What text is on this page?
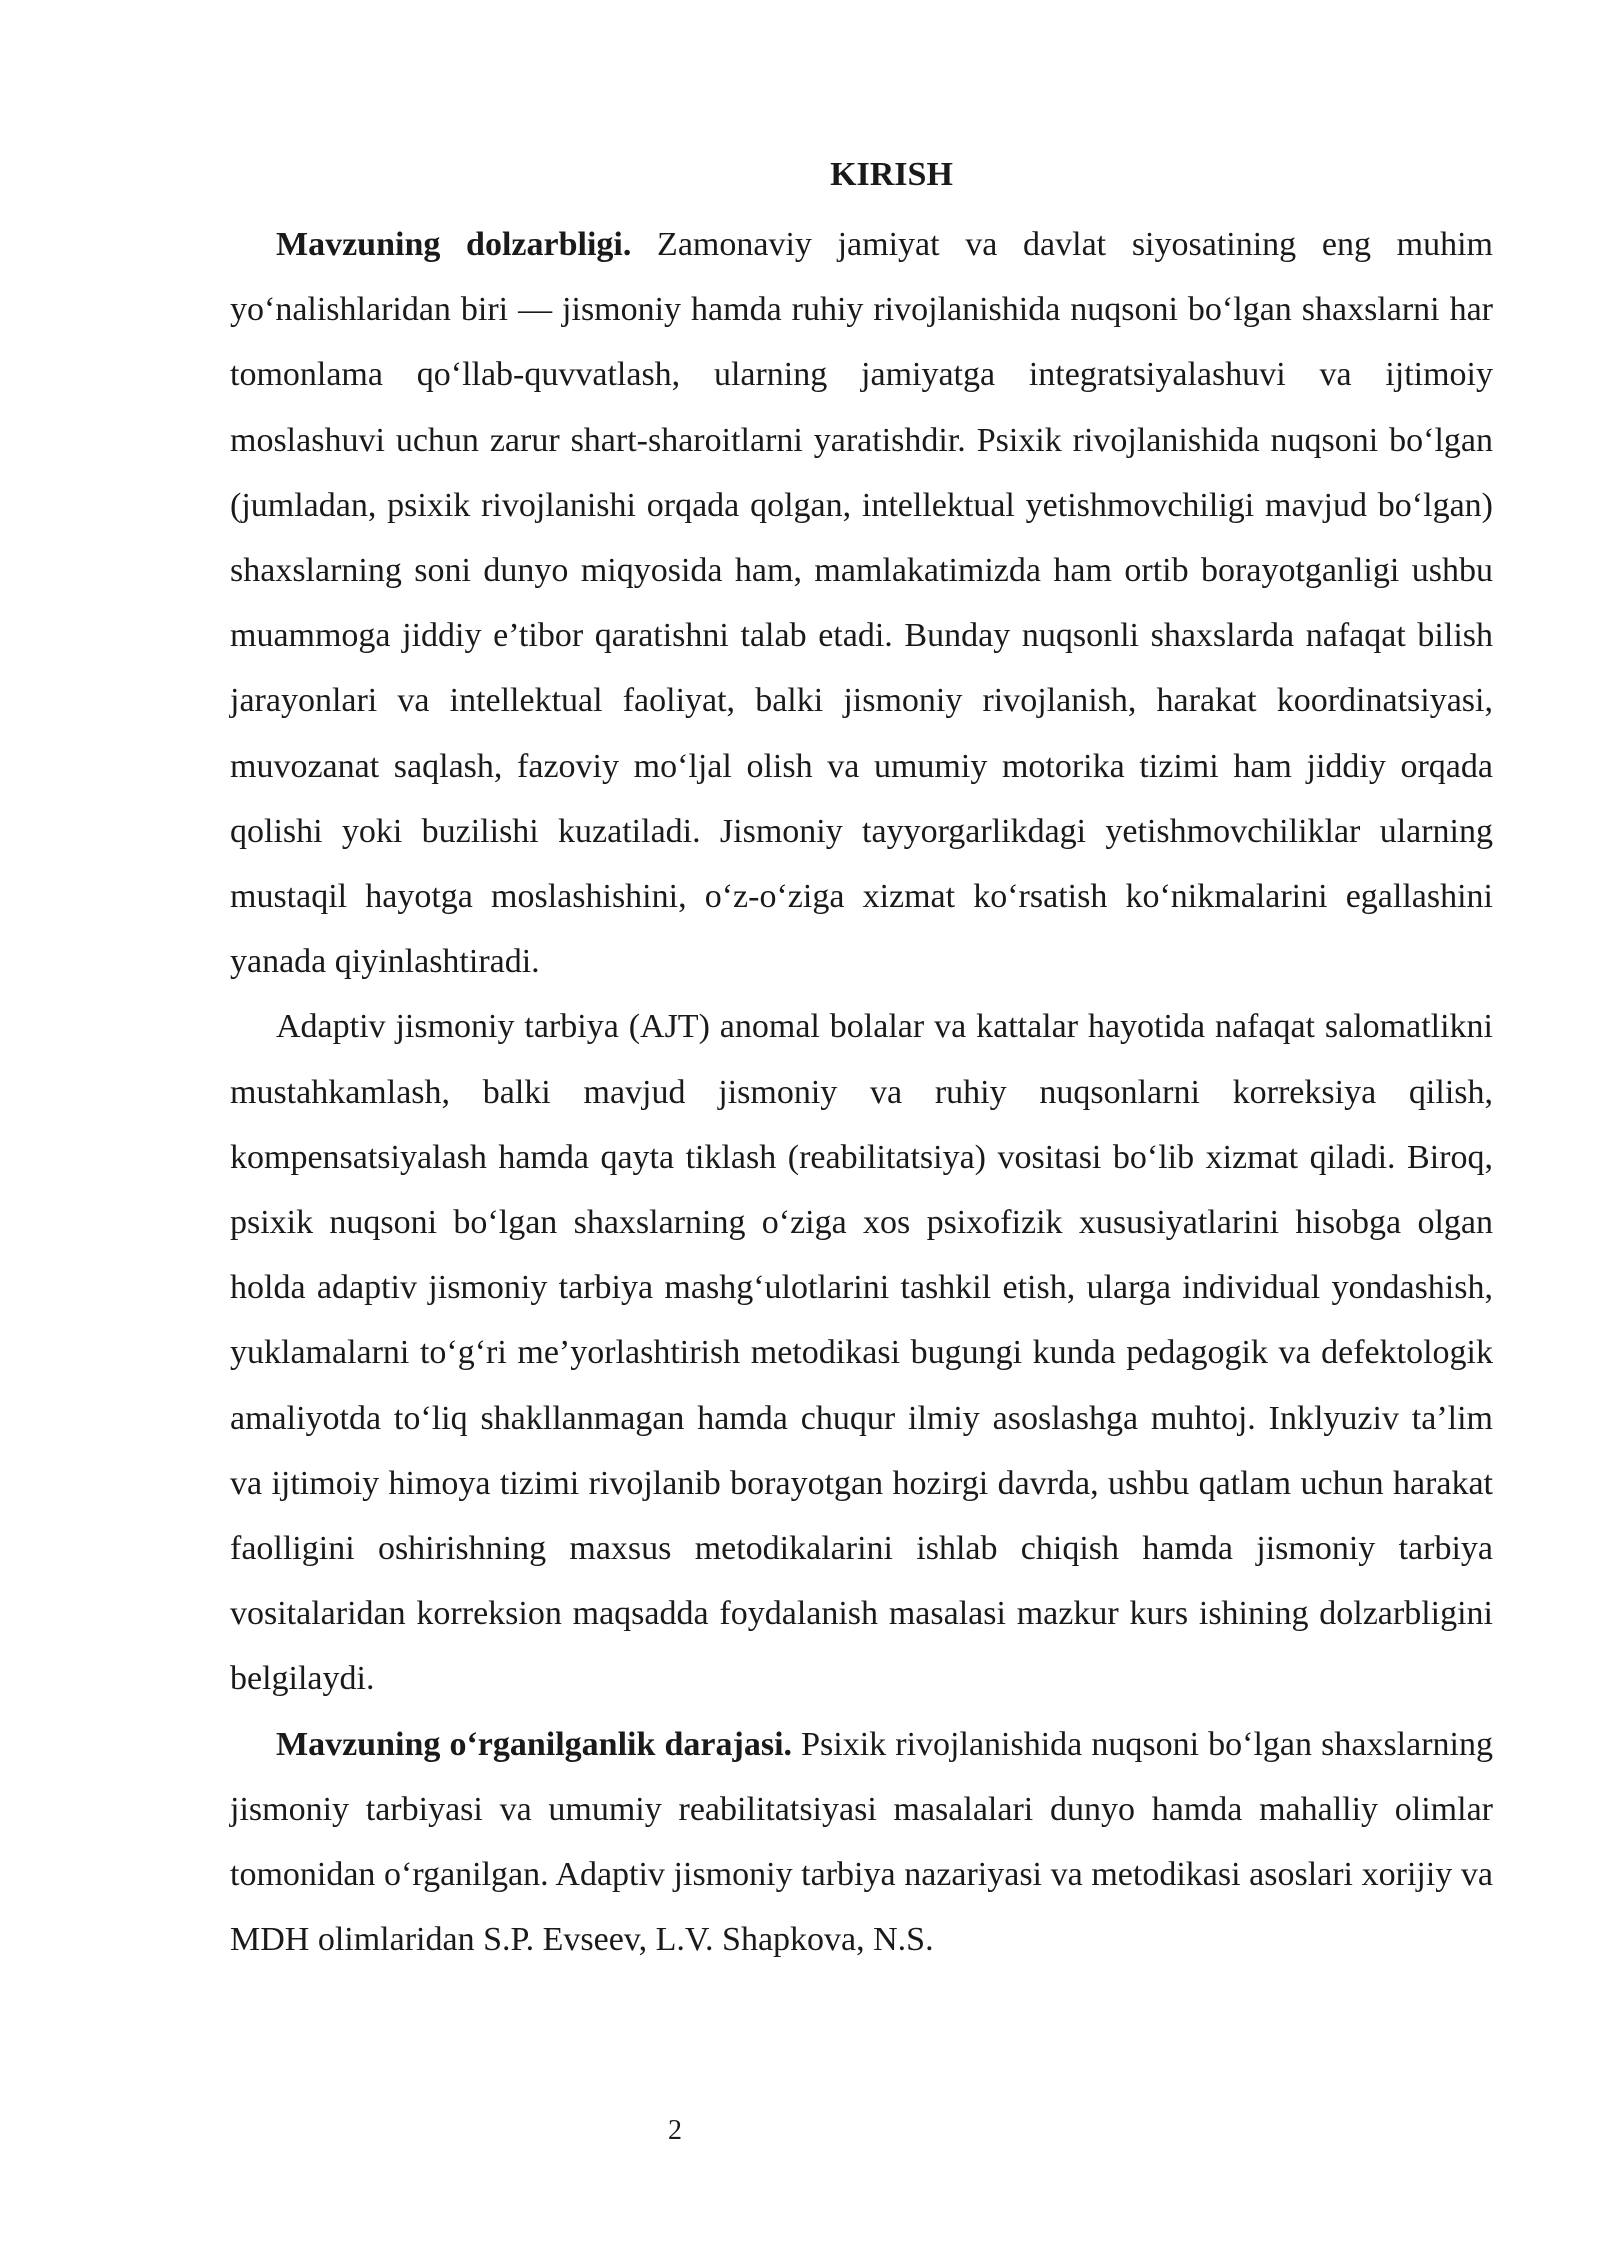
KIRISH

Mavzuning dolzarbligi. Zamonaviy jamiyat va davlat siyosatining eng muhim yo‘nalishlaridan biri — jismoniy hamda ruhiy rivojlanishida nuqsoni bo‘lgan shaxslarni har tomonlama qo‘llab-quvvatlash, ularning jamiyatga integratsiyalashuvi va ijtimoiy moslashuvi uchun zarur shart-sharoitlarni yaratishdir. Psixik rivojlanishida nuqsoni bo‘lgan (jumladan, psixik rivojlanishi orqada qolgan, intellektual yetishmovchiligi mavjud bo‘lgan) shaxslarning soni dunyo miqyosida ham, mamlakatimizda ham ortib borayotganligi ushbu muammoga jiddiy e’tibor qaratishni talab etadi. Bunday nuqsonli shaxslarda nafaqat bilish jarayonlari va intellektual faoliyat, balki jismoniy rivojlanish, harakat koordinatsiyasi, muvozanat saqlash, fazoviy mo‘ljal olish va umumiy motorika tizimi ham jiddiy orqada qolishi yoki buzilishi kuzatiladi. Jismoniy tayyorgarlikdagi yetishmovchiliklar ularning mustaqil hayotga moslashishini, o‘z-o‘ziga xizmat ko‘rsatish ko‘nikmalarini egallashini yanada qiyinlashtiradi.

Adaptiv jismoniy tarbiya (AJT) anomal bolalar va kattalar hayotida nafaqat salomatlikni mustahkamlash, balki mavjud jismoniy va ruhiy nuqsonlarni korreksiya qilish, kompensatsiyalash hamda qayta tiklash (reabilitatsiya) vositasi bo‘lib xizmat qiladi. Biroq, psixik nuqsoni bo‘lgan shaxslarning o‘ziga xos psixofizik xususiyatlarini hisobga olgan holda adaptiv jismoniy tarbiya mashg‘ulotlarini tashkil etish, ularga individual yondashish, yuklamalarni to‘g‘ri me’yorlashtirish metodikasi bugungi kunda pedagogik va defektologik amaliyotda to‘liq shakllanmagan hamda chuqur ilmiy asoslashga muhtoj. Inklyuziv ta’lim va ijtimoiy himoya tizimi rivojlanib borayotgan hozirgi davrda, ushbu qatlam uchun harakat faolligini oshirishning maxsus metodikalarini ishlab chiqish hamda jismoniy tarbiya vositalaridan korreksion maqsadda foydalanish masalasi mazkur kurs ishining dolzarbligini belgilaydi.

Mavzuning o‘rganilganlik darajasi. Psixik rivojlanishida nuqsoni bo‘lgan shaxslarning jismoniy tarbiyasi va umumiy reabilitatsiyasi masalalari dunyo hamda mahalliy olimlar tomonidan o‘rganilgan. Adaptiv jismoniy tarbiya nazariyasi va metodikasi asoslari xorijiy va MDH olimlaridan S.P. Evseev, L.V. Shapkova, N.S.

2
